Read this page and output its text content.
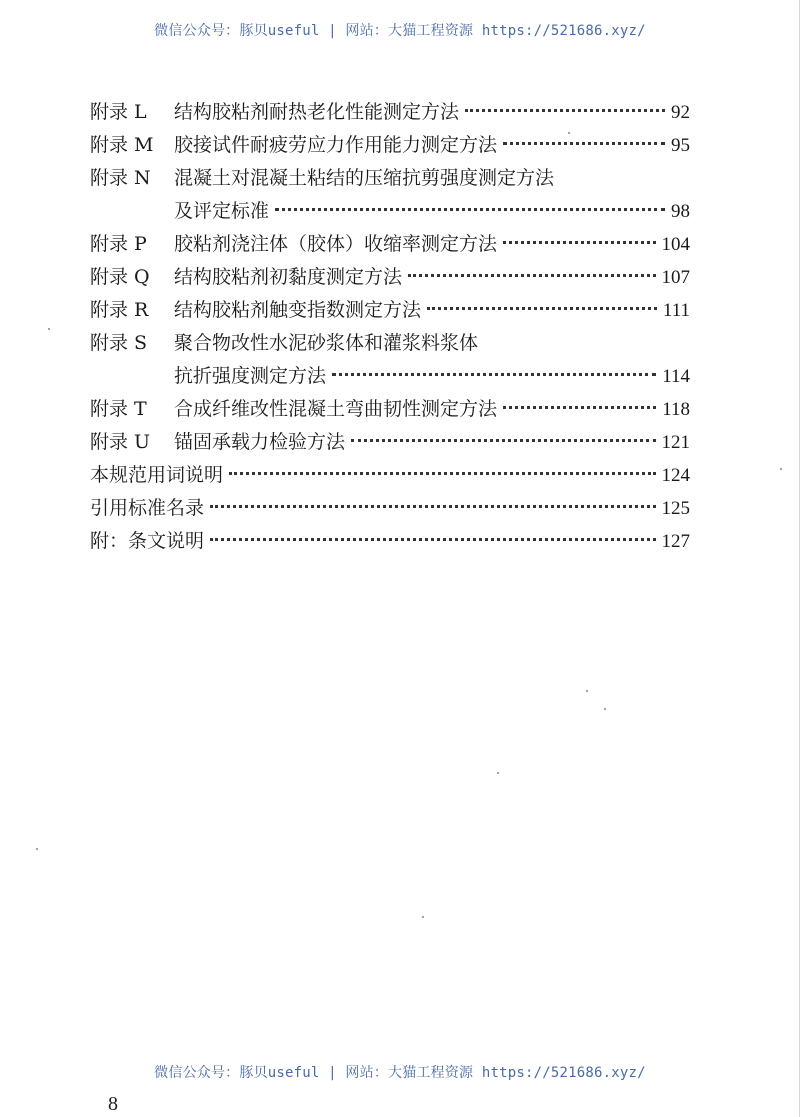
微信公众号：豚贝useful | 网站：大猫工程资源 https://521686.xyz/
附录 L 结构胶粘剂耐热老化性能测定方法	92
附录 M 胶接试件耐疲劳应力作用能力测定方法	95
附录 N 混凝土对混凝土粘结的压缩抗剪强度测定方法
及评定标准	98
附录 P 胶粘剂浇注体（胶体）收缩率测定方法	104
附录 Q 结构胶粘剂初黏度测定方法	107
附录 R 结构胶粘剂触变指数测定方法	111
附录 S 聚合物改性水泥砂浆体和灌浆料浆体
抗折强度测定方法	114
附录 T 合成纤维改性混凝土弯曲韧性测定方法	118
附录 U 锚固承载力检验方法	121
本规范用词说明	124
引用标准名录	125
附：条文说明	127
微信公众号：豚贝useful | 网站：大猫工程资源 https://521686.xyz/
8
